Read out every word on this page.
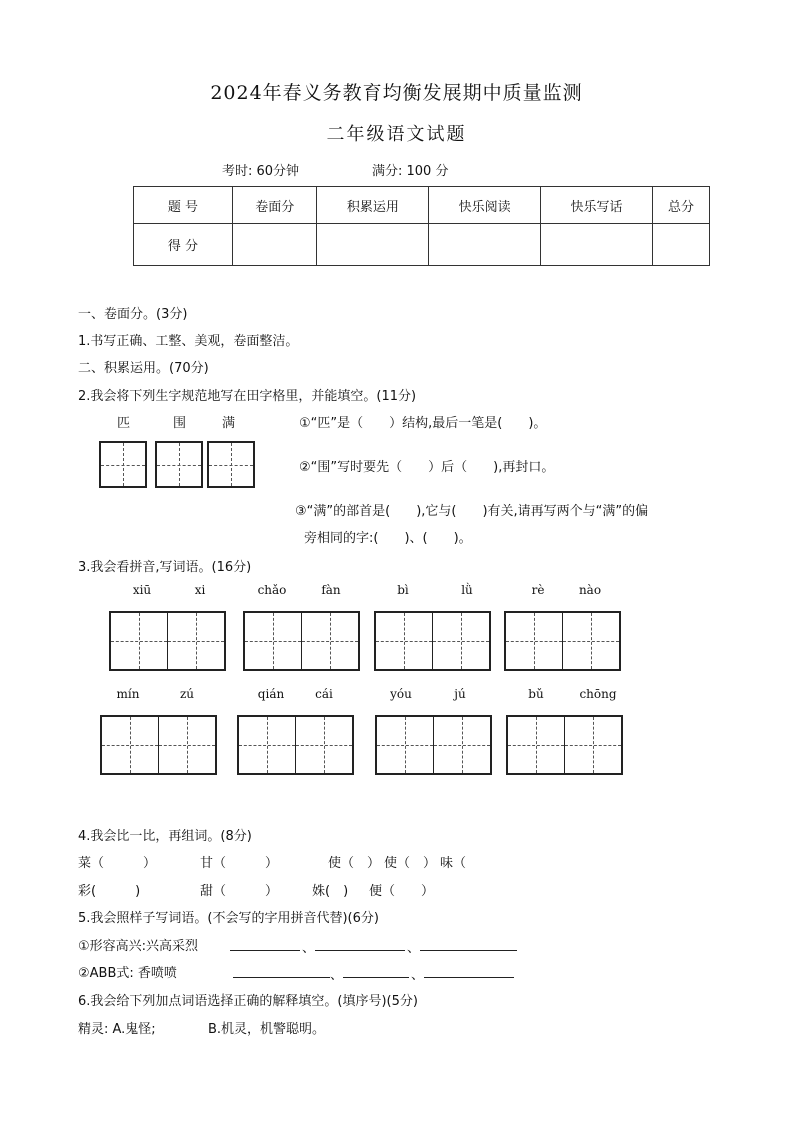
2024年春义务教育均衡发展期中质量监测
二年级语文试题
考时: 60分钟	满分: 100 分
题 号	卷面分	积累运用	快乐阅读	快乐写话	总分
得 分					
一、卷面分。(3分)
1.书写正确、工整、美观，卷面整洁。
二、积累运用。(70分)
2.我会将下列生字规范地写在田字格里，并能填空。(11分)
匹	围	满	①“匹”是（　　）结构,最后一笔是(　　)。
②“围”写时要先（　　）后（　　),再封口。
③“满”的部首是(　　),它与(　　)有关,请再写两个与“满”的偏
旁相同的字:(　　)、(　　)。
3.我会看拼音,写词语。(16分)
xiū	xi	chǎo	fàn	bì	lǜ	rè	nào
mín	zú	qián	cái	yóu	jú	bǔ	chōng
4.我会比一比，再组词。(8分)
菜（　　　）	甘（　　　）	使（　） 使（　） 味（
彩(　　　)	甜（　　　）	姝(　) 便（　　）
5.我会照样子写词语。(不会写的字用拼音代替)(6分)
①形容高兴:兴高采烈	、	、
②ABB式: 香喷喷	、	、
6.我会给下列加点词语选择正确的解释填空。(填序号)(5分)
精灵: A.鬼怪;	B.机灵，机警聪明。
